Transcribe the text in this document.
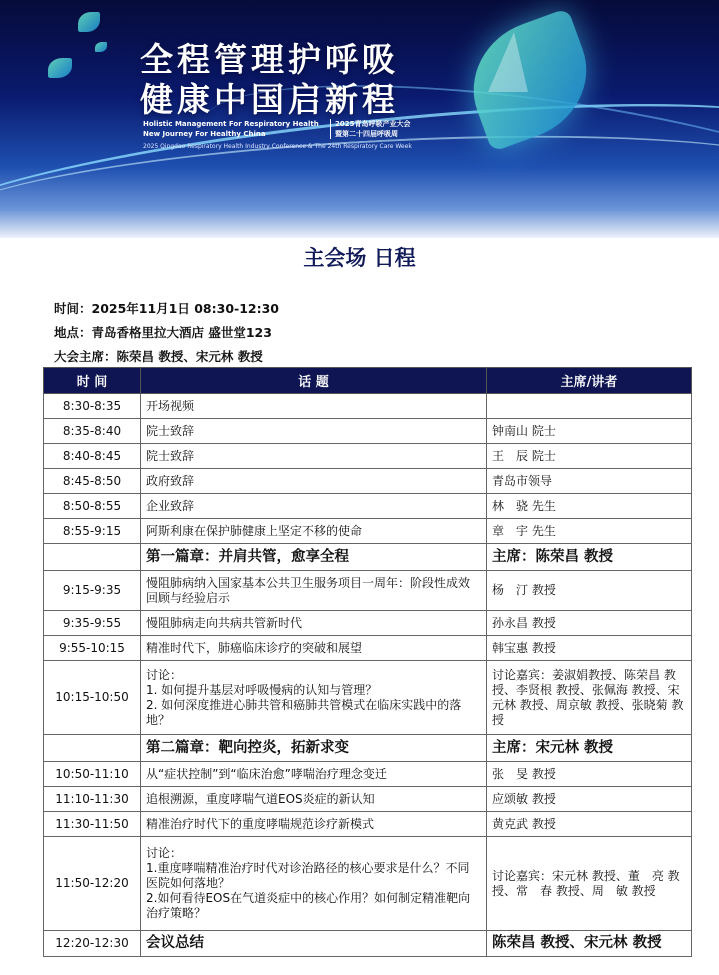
全程管理护呼吸
健康中国启新程
Holistic Management For Respiratory Health
New Journey For Healthy China
2025青岛呼吸产业大会
暨第二十四届呼吸周
2025 Qingdao Respiratory Health Industry Conference & The 24th Respiratory Care Week
主会场 日程
时间：2025年11月1日 08:30-12:30
地点：青岛香格里拉大酒店 盛世堂123
大会主席：陈荣昌 教授、宋元林 教授
时 间	话 题	主席/讲者
8:30-8:35	开场视频	
8:35-8:40	院士致辞	钟南山 院士
8:40-8:45	院士致辞	王　辰 院士
8:45-8:50	政府致辞	青岛市领导
8:50-8:55	企业致辞	林　骁 先生
8:55-9:15	阿斯利康在保护肺健康上坚定不移的使命	章　宇 先生
	第一篇章：并肩共管，愈享全程	主席：陈荣昌 教授
9:15-9:35	慢阻肺病纳入国家基本公共卫生服务项目一周年：阶段性成效回顾与经验启示	杨　汀 教授
9:35-9:55	慢阻肺病走向共病共管新时代	孙永昌 教授
9:55-10:15	精准时代下，肺癌临床诊疗的突破和展望	韩宝惠 教授
10:15-10:50	讨论：
1. 如何提升基层对呼吸慢病的认知与管理？
2. 如何深度推进心肺共管和癌肺共管模式在临床实践中的落地？	讨论嘉宾：姜淑娟教授、陈荣昌 教授、李贤根 教授、张佩海 教授、宋元林 教授、周京敏 教授、张晓菊 教授
	第二篇章：靶向控炎，拓新求变	主席：宋元林 教授
10:50-11:10	从“症状控制”到“临床治愈”哮喘治疗理念变迁	张　旻 教授
11:10-11:30	追根溯源，重度哮喘气道EOS炎症的新认知	应颂敏 教授
11:30-11:50	精准治疗时代下的重度哮喘规范诊疗新模式	黄克武 教授
11:50-12:20	讨论：
1.重度哮喘精准治疗时代对诊治路径的核心要求是什么？不同医院如何落地？
2.如何看待EOS在气道炎症中的核心作用？如何制定精准靶向治疗策略？	讨论嘉宾：宋元林 教授、董　亮 教授、常　春 教授、周　敏 教授
12:20-12:30	会议总结	陈荣昌 教授、宋元林 教授
